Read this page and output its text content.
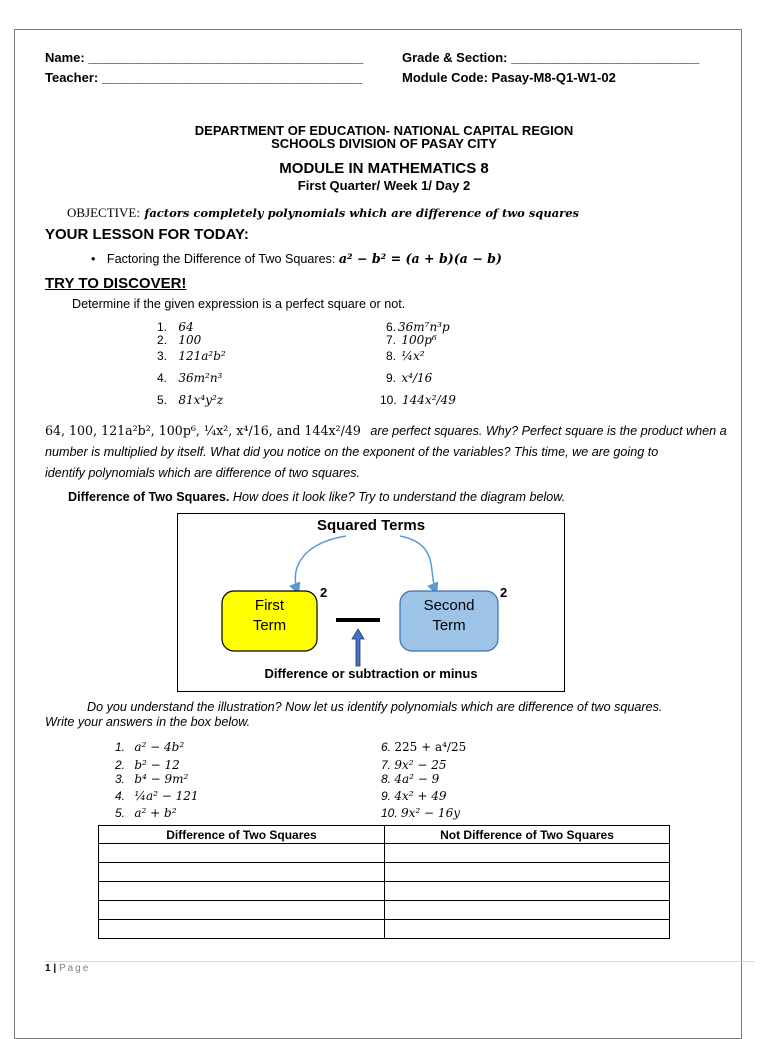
Name: ______________________________________
Teacher: ____________________________________
Grade & Section: __________________________
Module Code: Pasay-M8-Q1-W1-02
DEPARTMENT OF EDUCATION- NATIONAL CAPITAL REGION
SCHOOLS DIVISION OF PASAY CITY
MODULE IN MATHEMATICS 8
First Quarter/ Week 1/ Day 2
OBJECTIVE: factors completely polynomials which are difference of two squares
YOUR LESSON FOR TODAY:
• Factoring the Difference of Two Squares: a² − b² = (a + b)(a − b)
TRY TO DISCOVER!
Determine if the given expression is a perfect square or not.
1. 64
2. 100
3. 121a²b²
4. 36m²n³
5. 81x⁴y²z
6. 36m⁷n³p
7. 100p⁶
8. ¼x²
9. x⁴/16
10. 144x²/49
64, 100, 121a²b², 100p⁶, ¼x², x⁴/16, and 144x²/49 are perfect squares. Why? Perfect square is the product when a
number is multiplied by itself. What did you notice on the exponent of the variables? This time, we are going to
identify polynomials which are difference of two squares.
Difference of Two Squares. How does it look like? Try to understand the diagram below.
Squared Terms
First
Term
Second
Term
2	2
Difference or subtraction or minus
Do you understand the illustration? Now let us identify polynomials which are difference of two squares.
Write your answers in the box below.
1. a² − 4b²
2. b² − 12
3. b⁴ − 9m²
4. ¼a² − 121
5. a² + b²
6. 225 + a⁴/25
7. 9x² − 25
8. 4a² − 9
9. 4x² + 49
10. 9x² − 16y
Difference of Two Squares	Not Difference of Two Squares

1 | Page
